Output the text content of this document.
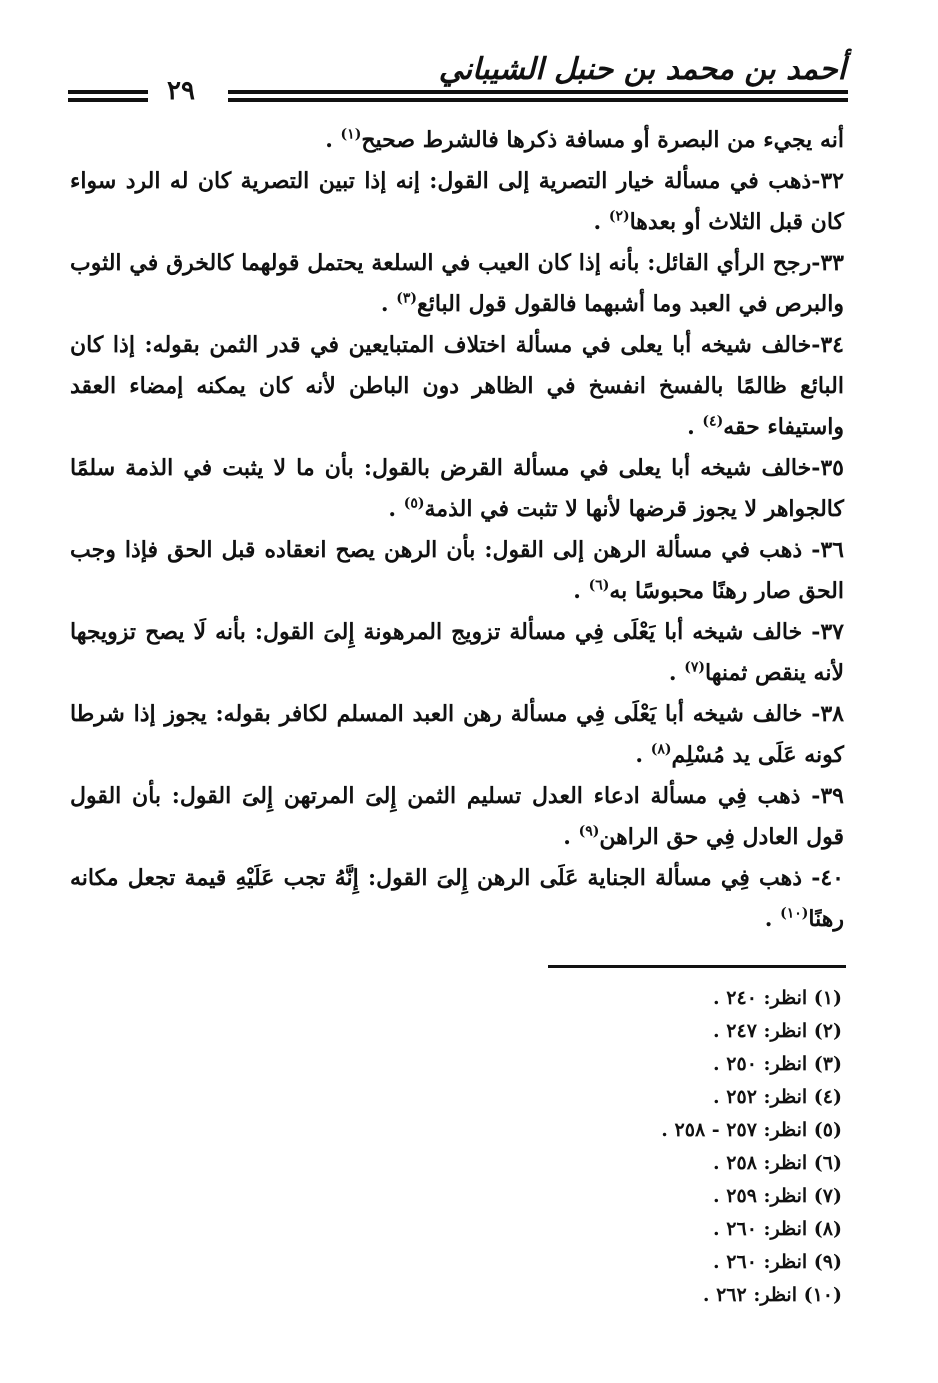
أحمد بن محمد بن حنبل الشيباني
٢٩

أنه يجيء من البصرة أو مسافة ذكرها فالشرط صحيح$^{(١)}$ .

٣٢-ذهب في مسألة خيار التصرية إلى القول: إنه إذا تبين التصرية كان له الرد سواء كان قبل الثلاث أو بعدها$^{(٢)}$ .

٣٣-رجح الرأي القائل: بأنه إذا كان العيب في السلعة يحتمل قولهما كالخرق في الثوب والبرص في العبد وما أشبهما فالقول قول البائع$^{(٣)}$ .

٣٤-خالف شيخه أبا يعلى في مسألة اختلاف المتبايعين في قدر الثمن بقوله: إذا كان البائع ظالمًا بالفسخ انفسخ في الظاهر دون الباطن لأنه كان يمكنه إمضاء العقد واستيفاء حقه$^{(٤)}$ .

٣٥-خالف شيخه أبا يعلى في مسألة القرض بالقول: بأن ما لا يثبت في الذمة سلمًا كالجواهر لا يجوز قرضها لأنها لا تثبت في الذمة$^{(٥)}$ .

٣٦- ذهب في مسألة الرهن إلى القول: بأن الرهن يصح انعقاده قبل الحق فإذا وجب الحق صار رهنًا محبوسًا به$^{(٦)}$ .

٣٧- خالف شيخه أبا يَعْلَى فِي مسألة تزويج المرهونة إِلىَ القول: بأنه لَا يصح تزويجها لأنه ينقص ثمنها$^{(٧)}$ .

٣٨- خالف شيخه أبا يَعْلَى فِي مسألة رهن العبد المسلم لكافر بقوله: يجوز إذا شرطا كونه عَلَى يد مُسْلِم$^{(٨)}$ .

٣٩- ذهب فِي مسألة ادعاء العدل تسليم الثمن إِلىَ المرتهن إِلىَ القول: بأن القول قول العادل فِي حق الراهن$^{(٩)}$ .

٤٠- ذهب فِي مسألة الجناية عَلَى الرهن إِلىَ القول: إِنَّهُ تجب عَلَيْهِ قيمة تجعل مكانه رهنًا$^{(١٠)}$ .

(١) انظر: ٢٤٠ .
(٢) انظر: ٢٤٧ .
(٣) انظر: ٢٥٠ .
(٤) انظر: ٢٥٢ .
(٥) انظر: ٢٥٧ - ٢٥٨ .
(٦) انظر: ٢٥٨ .
(٧) انظر: ٢٥٩ .
(٨) انظر: ٢٦٠ .
(٩) انظر: ٢٦٠ .
(١٠) انظر: ٢٦٢ .
